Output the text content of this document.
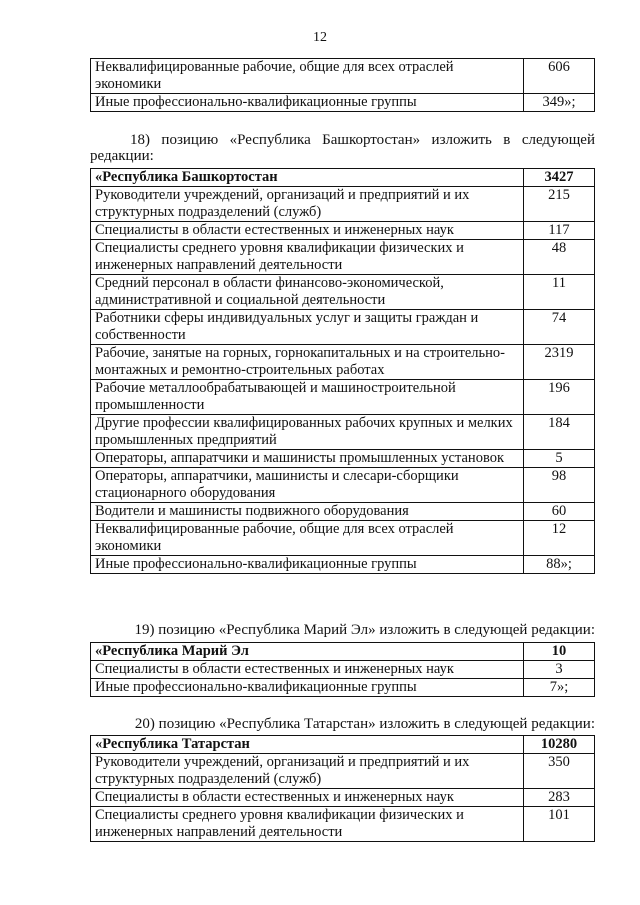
12
Неквалифицированные рабочие, общие для всех отраслей экономики	606
Иные профессионально-квалификационные группы	349»;
18) позицию «Республика Башкортостан» изложить в следующей редакции:
«Республика Башкортостан	3427
Руководители учреждений, организаций и предприятий и их структурных подразделений (служб)	215
Специалисты в области естественных и инженерных наук	117
Специалисты среднего уровня квалификации физических и инженерных направлений деятельности	48
Средний персонал в области финансово-экономической, административной и социальной деятельности	11
Работники сферы индивидуальных услуг и защиты граждан и собственности	74
Рабочие, занятые на горных, горнокапитальных и на строительно-монтажных и ремонтно-строительных работах	2319
Рабочие металлообрабатывающей и машиностроительной промышленности	196
Другие профессии квалифицированных рабочих крупных и мелких промышленных предприятий	184
Операторы, аппаратчики и машинисты промышленных установок	5
Операторы, аппаратчики, машинисты и слесари-сборщики стационарного оборудования	98
Водители и машинисты подвижного оборудования	60
Неквалифицированные рабочие, общие для всех отраслей экономики	12
Иные профессионально-квалификационные группы	88»;
19) позицию «Республика Марий Эл» изложить в следующей редакции:
«Республика Марий Эл	10
Специалисты в области естественных и инженерных наук	3
Иные профессионально-квалификационные группы	7»;
20) позицию «Республика Татарстан» изложить в следующей редакции:
«Республика Татарстан	10280
Руководители учреждений, организаций и предприятий и их структурных подразделений (служб)	350
Специалисты в области естественных и инженерных наук	283
Специалисты среднего уровня квалификации физических и инженерных направлений деятельности	101
